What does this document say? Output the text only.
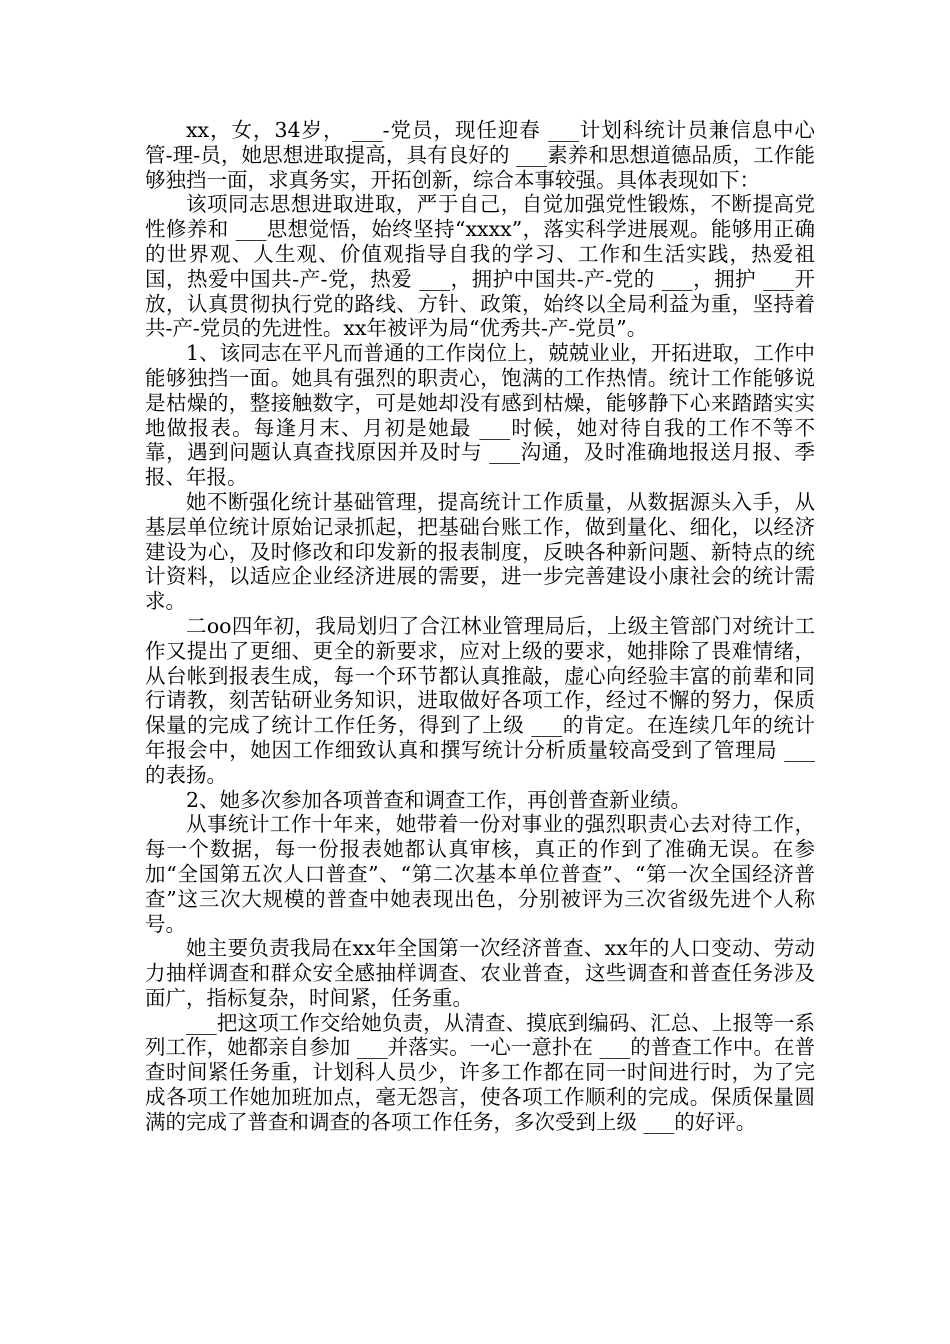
xx，女，34岁， ___-党员，现任迎春 ___计划科统计员兼信息中心管-理-员，她思想进取提高，具有良好的 ___素养和思想道德品质，工作能够独挡一面，求真务实，开拓创新，综合本事较强。具体表现如下：

该项同志思想进取进取，严于自己，自觉加强党性锻炼，不断提高党性修养和 ___思想觉悟，始终坚持“xxxx”，落实科学进展观。能够用正确的世界观、人生观、价值观指导自我的学习、工作和生活实践，热爱祖国，热爱中国共-产-党，热爱 ___，拥护中国共-产-党的 ___，拥护 ___开放，认真贯彻执行党的路线、方针、政策，始终以全局利益为重，坚持着共-产-党员的先进性。xx年被评为局“优秀共-产-党员”。

1、该同志在平凡而普通的工作岗位上，兢兢业业，开拓进取，工作中能够独挡一面。她具有强烈的职责心，饱满的工作热情。统计工作能够说是枯燥的，整接触数字，可是她却没有感到枯燥，能够静下心来踏踏实实地做报表。每逢月末、月初是她最 ___时候，她对待自我的工作不等不靠，遇到问题认真查找原因并及时与 ___沟通，及时准确地报送月报、季报、年报。

她不断强化统计基础管理，提高统计工作质量，从数据源头入手，从基层单位统计原始记录抓起，把基础台账工作，做到量化、细化，以经济建设为心，及时修改和印发新的报表制度，反映各种新问题、新特点的统计资料，以适应企业经济进展的需要，进一步完善建设小康社会的统计需求。

二oo四年初，我局划归了合江林业管理局后，上级主管部门对统计工作又提出了更细、更全的新要求，应对上级的要求，她排除了畏难情绪，从台帐到报表生成，每一个环节都认真推敲，虚心向经验丰富的前辈和同行请教，刻苦钻研业务知识，进取做好各项工作，经过不懈的努力，保质保量的完成了统计工作任务，得到了上级 ___的肯定。在连续几年的统计年报会中，她因工作细致认真和撰写统计分析质量较高受到了管理局 ___的表扬。

2、她多次参加各项普查和调查工作，再创普查新业绩。

从事统计工作十年来，她带着一份对事业的强烈职责心去对待工作，每一个数据，每一份报表她都认真审核，真正的作到了准确无误。在参加“全国第五次人口普查”、“第二次基本单位普查”、“第一次全国经济普查”这三次大规模的普查中她表现出色，分别被评为三次省级先进个人称号。

她主要负责我局在xx年全国第一次经济普查、xx年的人口变动、劳动力抽样调查和群众安全感抽样调查、农业普查，这些调查和普查任务涉及面广，指标复杂，时间紧，任务重。

___把这项工作交给她负责，从清查、摸底到编码、汇总、上报等一系列工作，她都亲自参加 ___并落实。一心一意扑在 ___的普查工作中。在普查时间紧任务重，计划科人员少，许多工作都在同一时间进行时，为了完成各项工作她加班加点，毫无怨言，使各项工作顺利的完成。保质保量圆满的完成了普查和调查的各项工作任务，多次受到上级 ___的好评。
